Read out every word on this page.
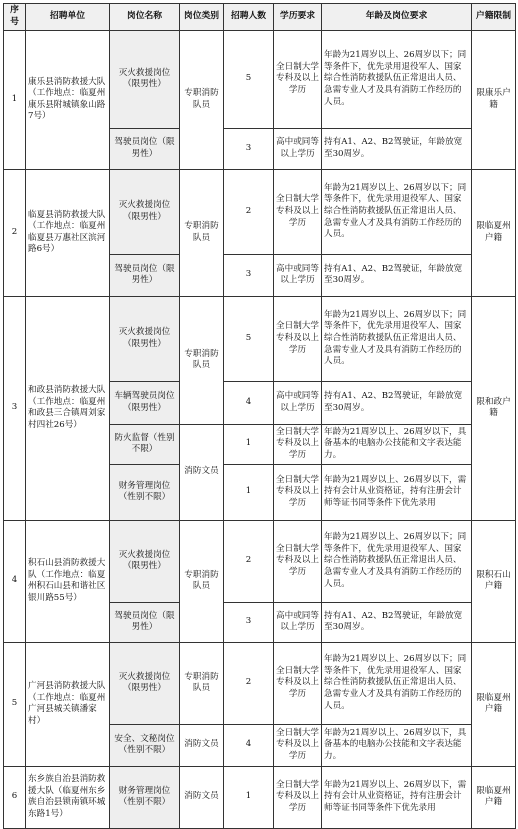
序号	招聘单位	岗位名称	岗位类别	招聘人数	学历要求	年龄及岗位要求	户籍限制
1	康乐县消防救援大队（工作地点：临夏州康乐县附城镇象山路7号）	灭火救援岗位（限男性）	专职消防队员	5	全日制大学专科及以上学历	年龄为21周岁以上、26周岁以下；同等条件下，优先录用退役军人、国家综合性消防救援队伍正常退出人员、急需专业人才及具有消防工作经历的人员。	限康乐户籍
		驾驶员岗位（限男性）		3	高中或同等以上学历	持有A1、A2、B2驾驶证，年龄放宽至30周岁。	
2	临夏县消防救援大队（工作地点：临夏州临夏县万惠社区滨河路6号）	灭火救援岗位（限男性）	专职消防队员	2	全日制大学专科及以上学历	年龄为21周岁以上、26周岁以下；同等条件下，优先录用退役军人、国家综合性消防救援队伍正常退出人员、急需专业人才及具有消防工作经历的人员。	限临夏州户籍
		驾驶员岗位（限男性）		3	高中或同等以上学历	持有A1、A2、B2驾驶证，年龄放宽至30周岁。	
3	和政县消防救援大队（工作地点：临夏州和政县三合镇周刘家村四社26号）	灭火救援岗位（限男性）	专职消防队员	5	全日制大学专科及以上学历	年龄为21周岁以上、26周岁以下；同等条件下，优先录用退役军人、国家综合性消防救援队伍正常退出人员、急需专业人才及具有消防工作经历的人员。	限和政户籍
		车辆驾驶员岗位（限男性）		4	高中或同等以上学历	持有A1、A2、B2驾驶证，年龄放宽至30周岁。	
		防火监督（性别不限）	消防文员	1	全日制大学专科及以上学历	年龄为21周岁以上、26周岁以下，具备基本的电脑办公技能和文字表达能力。	
		财务管理岗位（性别不限）		1	全日制大学专科及以上学历	年龄为21周岁以上、26周岁以下，需持有会计从业资格证，持有注册会计师等证书同等条件下优先录用	
4	积石山县消防救援大队（工作地点：临夏州积石山县和谐社区银川路55号）	灭火救援岗位（限男性）	专职消防队员	2	全日制大学专科及以上学历	年龄为21周岁以上、26周岁以下；同等条件下，优先录用退役军人、国家综合性消防救援队伍正常退出人员、急需专业人才及具有消防工作经历的人员。	限积石山户籍
		驾驶员岗位（限男性）		3	高中或同等以上学历	持有A1、A2、B2驾驶证，年龄放宽至30周岁。	
5	广河县消防救援大队（工作地点：临夏州广河县城关镇潘家村）	灭火救援岗位（限男性）	专职消防队员	2	全日制大学专科及以上学历	年龄为21周岁以上、26周岁以下；同等条件下，优先录用退役军人、国家综合性消防救援队伍正常退出人员、急需专业人才及具有消防工作经历的人员。	限临夏州户籍
		安全、文秘岗位（性别不限）	消防文员	4	全日制大学专科及以上学历	年龄为21周岁以上、26周岁以下，具备基本的电脑办公技能和文字表达能力。	
6	东乡族自治县消防救援大队（临夏州东乡族自治县锁南镇环城东路1号）	财务管理岗位（性别不限）	消防文员	1	全日制大学专科及以上学历	年龄为21周岁以上、26周岁以下，需持有会计从业资格证，持有注册会计师等证书同等条件下优先录用	限临夏州户籍
